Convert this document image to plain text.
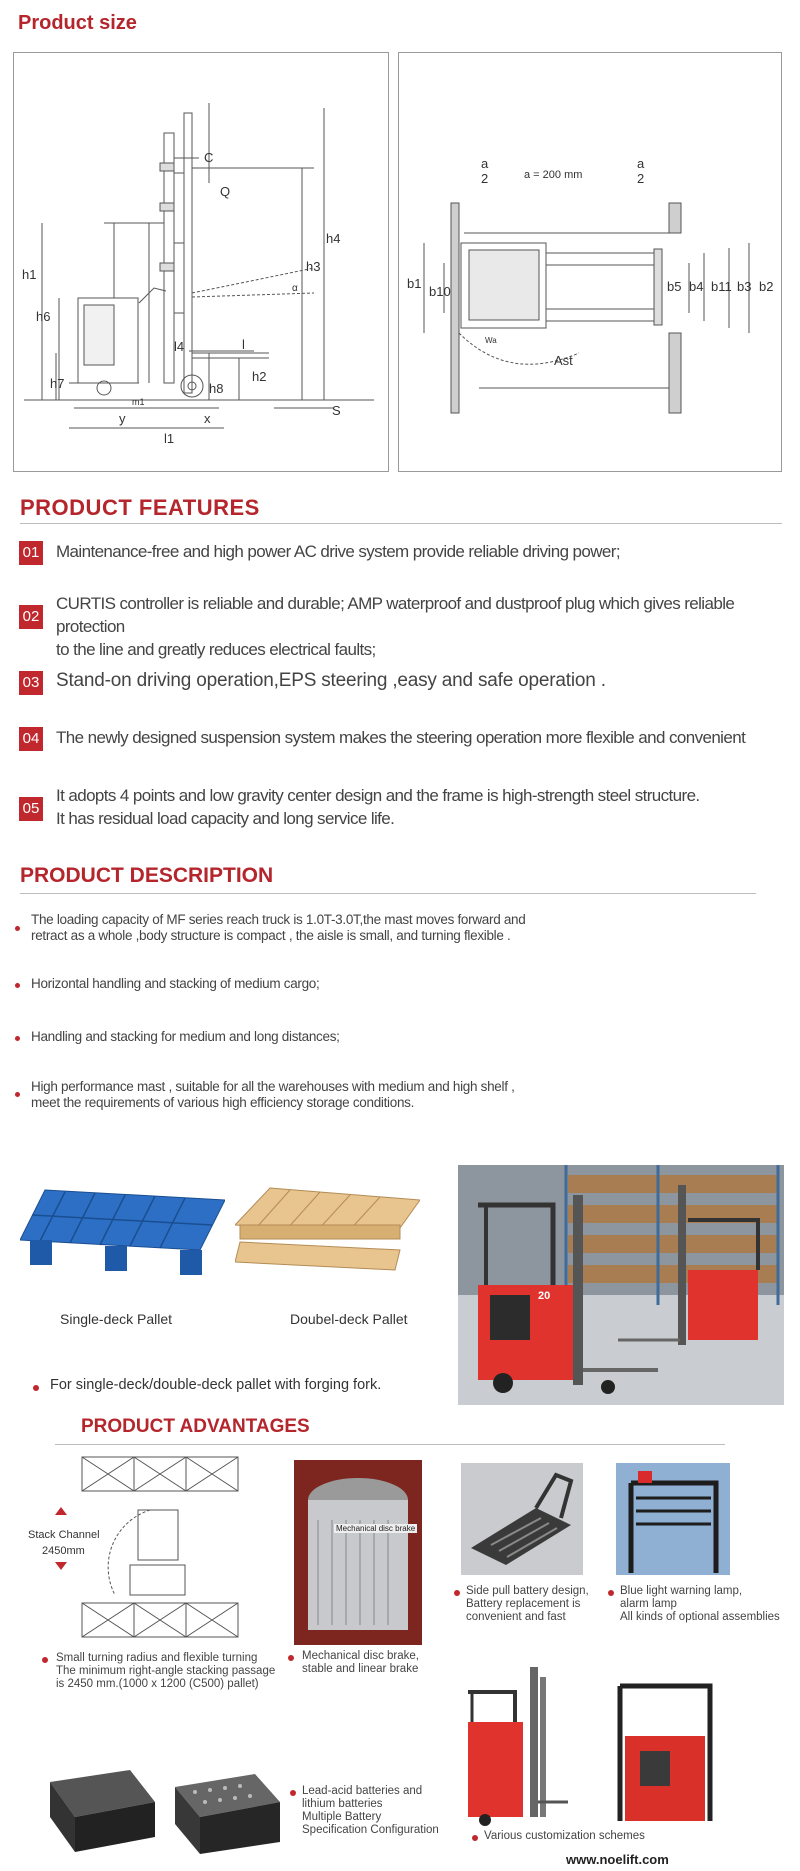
Product size
C
Q
h4
h3
h1
h6
α
l4	l
h2
h7
m1
h8
S
y	x
l1
a
2	a = 200 mm
a
2
b1
b10	b5 b4 b11 b3 b2
Wa
Ast
PRODUCT FEATURES
01 Maintenance-free and high power AC drive system provide reliable driving power;
02
CURTIS controller is reliable and durable; AMP waterproof and dustproof plug which gives reliable protection
to the line and greatly reduces electrical faults;
03 Stand-on driving operation,EPS steering ,easy and safe operation .
04 The newly designed suspension system makes the steering operation more flexible and convenient
05
It adopts 4 points and low gravity center design and the frame is high-strength steel structure.
It has residual load capacity and long service life.
PRODUCT DESCRIPTION
The loading capacity of MF series reach truck is 1.0T-3.0T,the mast moves forward and
retract as a whole ,body structure is compact , the aisle is small, and turning flexible .
Horizontal handling and stacking of medium cargo;
Handling and stacking for medium and long distances;
High performance mast , suitable for all the warehouses with medium and high shelf ,
meet the requirements of various high efficiency storage conditions.
Single-deck Pallet	Doubel-deck Pallet
For single-deck/double-deck pallet with forging fork.
20
PRODUCT ADVANTAGES
Stack Channel
2450mm
Small turning radius and flexible turning
The minimum right-angle stacking passage
is 2450 mm.(1000 x 1200 (C500) pallet)
Mechanical disc brake
Mechanical disc brake,
stable and linear brake
Side pull battery design,
Battery replacement is
convenient and fast
Blue light warning lamp,
alarm lamp
All kinds of optional assemblies
Lead-acid batteries and
lithium batteries
Multiple Battery
Specification Configuration	Various customization schemes
www.noelift.com
